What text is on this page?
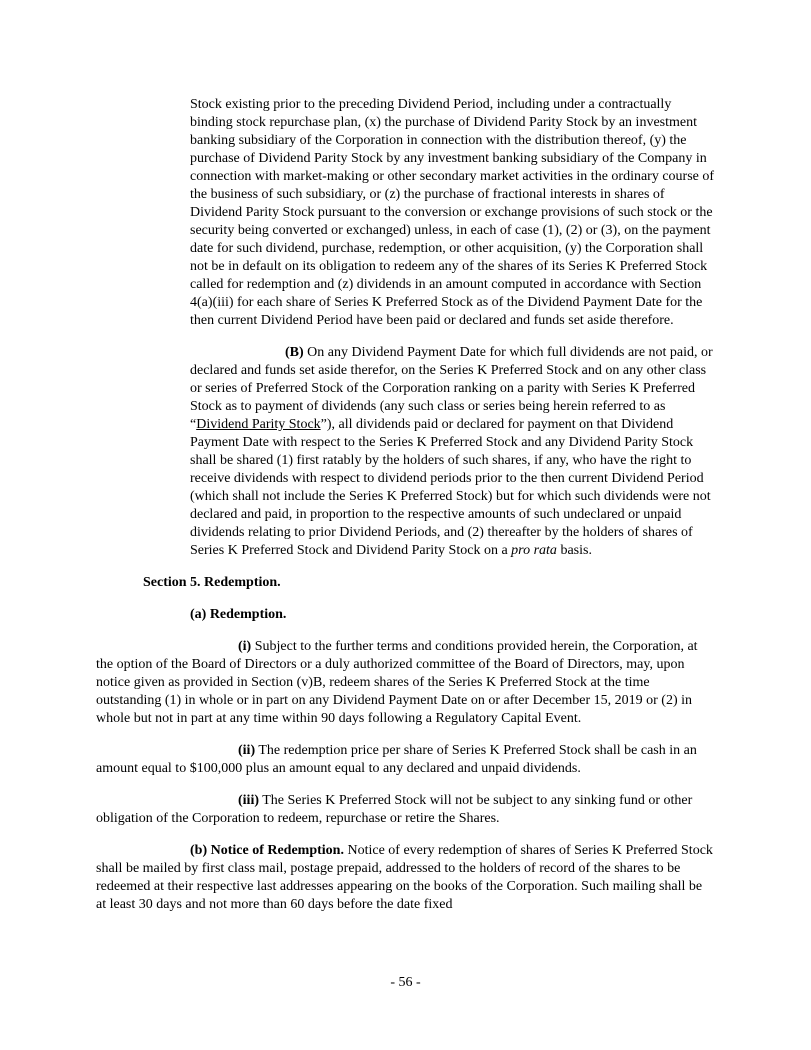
Stock existing prior to the preceding Dividend Period, including under a contractually binding stock repurchase plan, (x) the purchase of Dividend Parity Stock by an investment banking subsidiary of the Corporation in connection with the distribution thereof, (y) the purchase of Dividend Parity Stock by any investment banking subsidiary of the Company in connection with market-making or other secondary market activities in the ordinary course of the business of such subsidiary, or (z) the purchase of fractional interests in shares of Dividend Parity Stock pursuant to the conversion or exchange provisions of such stock or the security being converted or exchanged) unless, in each of case (1), (2) or (3), on the payment date for such dividend, purchase, redemption, or other acquisition, (y) the Corporation shall not be in default on its obligation to redeem any of the shares of its Series K Preferred Stock called for redemption and (z) dividends in an amount computed in accordance with Section 4(a)(iii) for each share of Series K Preferred Stock as of the Dividend Payment Date for the then current Dividend Period have been paid or declared and funds set aside therefore.

(B) On any Dividend Payment Date for which full dividends are not paid, or declared and funds set aside therefor, on the Series K Preferred Stock and on any other class or series of Preferred Stock of the Corporation ranking on a parity with Series K Preferred Stock as to payment of dividends (any such class or series being herein referred to as “Dividend Parity Stock”), all dividends paid or declared for payment on that Dividend Payment Date with respect to the Series K Preferred Stock and any Dividend Parity Stock shall be shared (1) first ratably by the holders of such shares, if any, who have the right to receive dividends with respect to dividend periods prior to the then current Dividend Period (which shall not include the Series K Preferred Stock) but for which such dividends were not declared and paid, in proportion to the respective amounts of such undeclared or unpaid dividends relating to prior Dividend Periods, and (2) thereafter by the holders of shares of Series K Preferred Stock and Dividend Parity Stock on a pro rata basis.

Section 5. Redemption.

(a) Redemption.

(i) Subject to the further terms and conditions provided herein, the Corporation, at the option of the Board of Directors or a duly authorized committee of the Board of Directors, may, upon notice given as provided in Section (v)B, redeem shares of the Series K Preferred Stock at the time outstanding (1) in whole or in part on any Dividend Payment Date on or after December 15, 2019 or (2) in whole but not in part at any time within 90 days following a Regulatory Capital Event.

(ii) The redemption price per share of Series K Preferred Stock shall be cash in an amount equal to $100,000 plus an amount equal to any declared and unpaid dividends.

(iii) The Series K Preferred Stock will not be subject to any sinking fund or other obligation of the Corporation to redeem, repurchase or retire the Shares.

(b) Notice of Redemption. Notice of every redemption of shares of Series K Preferred Stock shall be mailed by first class mail, postage prepaid, addressed to the holders of record of the shares to be redeemed at their respective last addresses appearing on the books of the Corporation. Such mailing shall be at least 30 days and not more than 60 days before the date fixed

- 56 -
